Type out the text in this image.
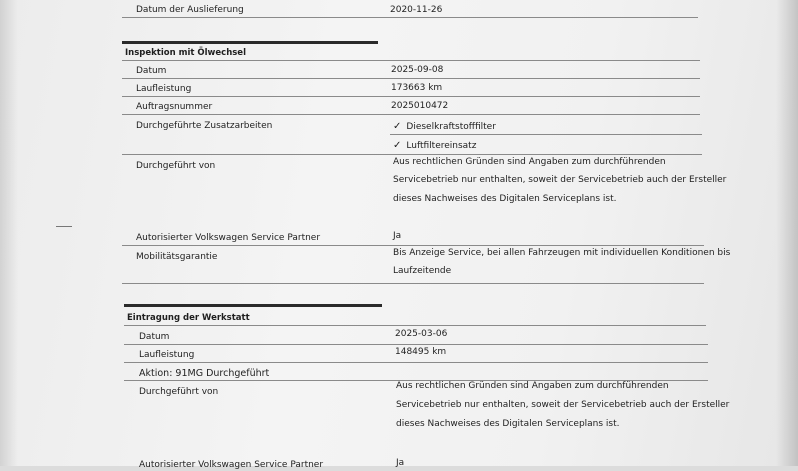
Datum der Auslieferung	2020-11-26
Inspektion mit Ölwechsel
Datum	2025-09-08
Laufleistung	173663 km
Auftragsnummer	2025010472
Durchgeführte Zusatzarbeiten	✓ Dieselkraftstofffilter
✓ Luftfiltereinsatz
Durchgeführt von	Aus rechtlichen Gründen sind Angaben zum durchführenden
Servicebetrieb nur enthalten, soweit der Servicebetrieb auch der Ersteller
dieses Nachweises des Digitalen Serviceplans ist.
Autorisierter Volkswagen Service Partner	Ja
Mobilitätsgarantie	Bis Anzeige Service, bei allen Fahrzeugen mit individuellen Konditionen bis
Laufzeitende
Eintragung der Werkstatt
Datum	2025-03-06
Laufleistung	148495 km
Aktion: 91MG Durchgeführt
Durchgeführt von
Aus rechtlichen Gründen sind Angaben zum durchführenden
Servicebetrieb nur enthalten, soweit der Servicebetrieb auch der Ersteller
dieses Nachweises des Digitalen Serviceplans ist.
Autorisierter Volkswagen Service Partner	Ja
